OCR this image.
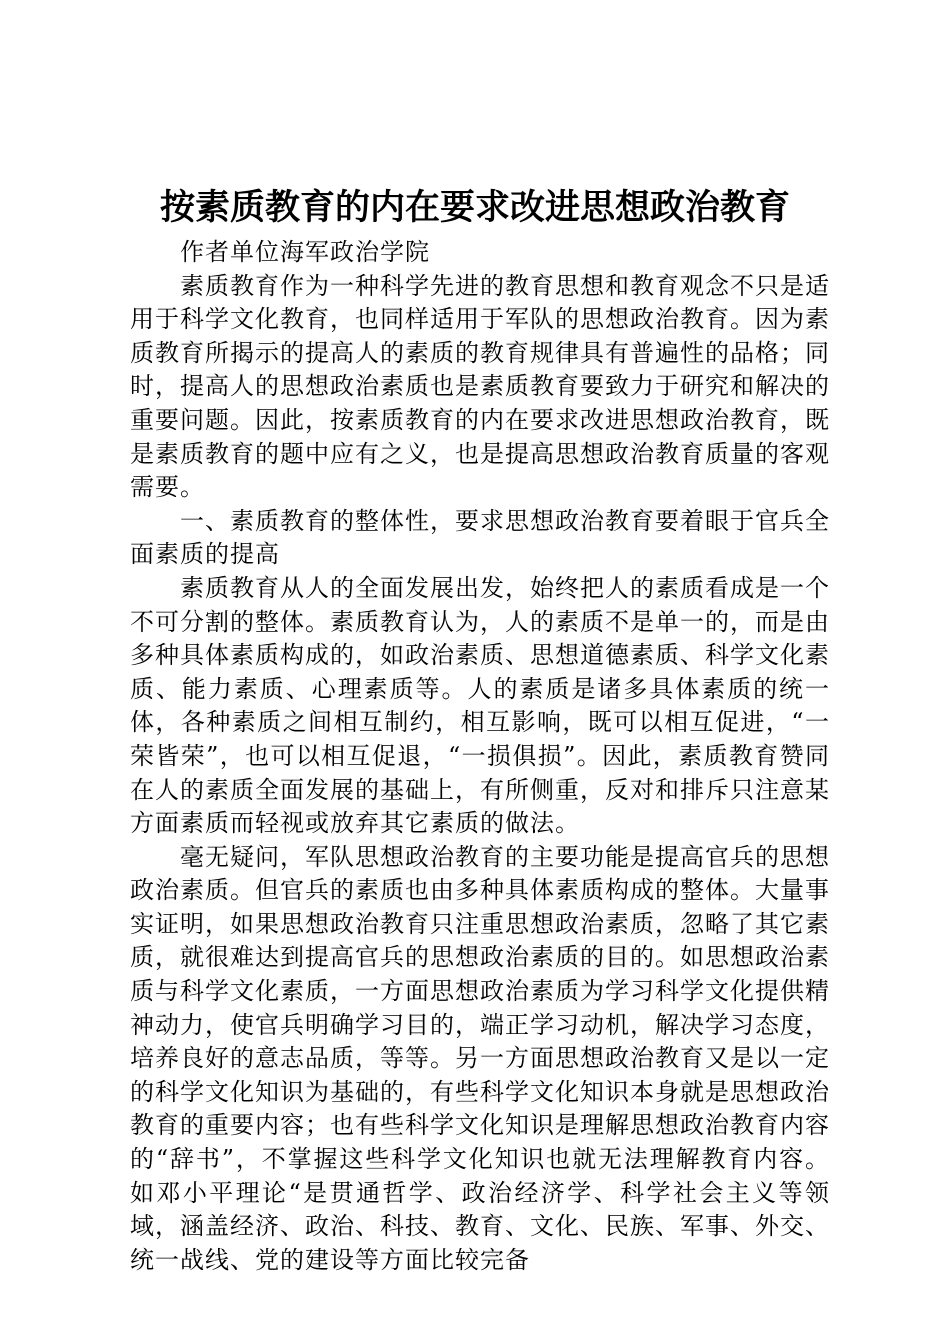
按素质教育的内在要求改进思想政治教育

作者单位海军政治学院

素质教育作为一种科学先进的教育思想和教育观念不只是适用于科学文化教育，也同样适用于军队的思想政治教育。因为素质教育所揭示的提高人的素质的教育规律具有普遍性的品格；同时，提高人的思想政治素质也是素质教育要致力于研究和解决的重要问题。因此，按素质教育的内在要求改进思想政治教育，既是素质教育的题中应有之义，也是提高思想政治教育质量的客观需要。

一、素质教育的整体性，要求思想政治教育要着眼于官兵全面素质的提高

素质教育从人的全面发展出发，始终把人的素质看成是一个不可分割的整体。素质教育认为，人的素质不是单一的，而是由多种具体素质构成的，如政治素质、思想道德素质、科学文化素质、能力素质、心理素质等。人的素质是诸多具体素质的统一体，各种素质之间相互制约，相互影响，既可以相互促进，“一荣皆荣”，也可以相互促退，“一损俱损”。因此，素质教育赞同在人的素质全面发展的基础上，有所侧重，反对和排斥只注意某方面素质而轻视或放弃其它素质的做法。

毫无疑问，军队思想政治教育的主要功能是提高官兵的思想政治素质。但官兵的素质也由多种具体素质构成的整体。大量事实证明，如果思想政治教育只注重思想政治素质，忽略了其它素质，就很难达到提高官兵的思想政治素质的目的。如思想政治素质与科学文化素质，一方面思想政治素质为学习科学文化提供精神动力，使官兵明确学习目的，端正学习动机，解决学习态度，培养良好的意志品质，等等。另一方面思想政治教育又是以一定的科学文化知识为基础的，有些科学文化知识本身就是思想政治教育的重要内容；也有些科学文化知识是理解思想政治教育内容的“辞书”，不掌握这些科学文化知识也就无法理解教育内容。如邓小平理论“是贯通哲学、政治经济学、科学社会主义等领域，涵盖经济、政治、科技、教育、文化、民族、军事、外交、统一战线、党的建设等方面比较完备
